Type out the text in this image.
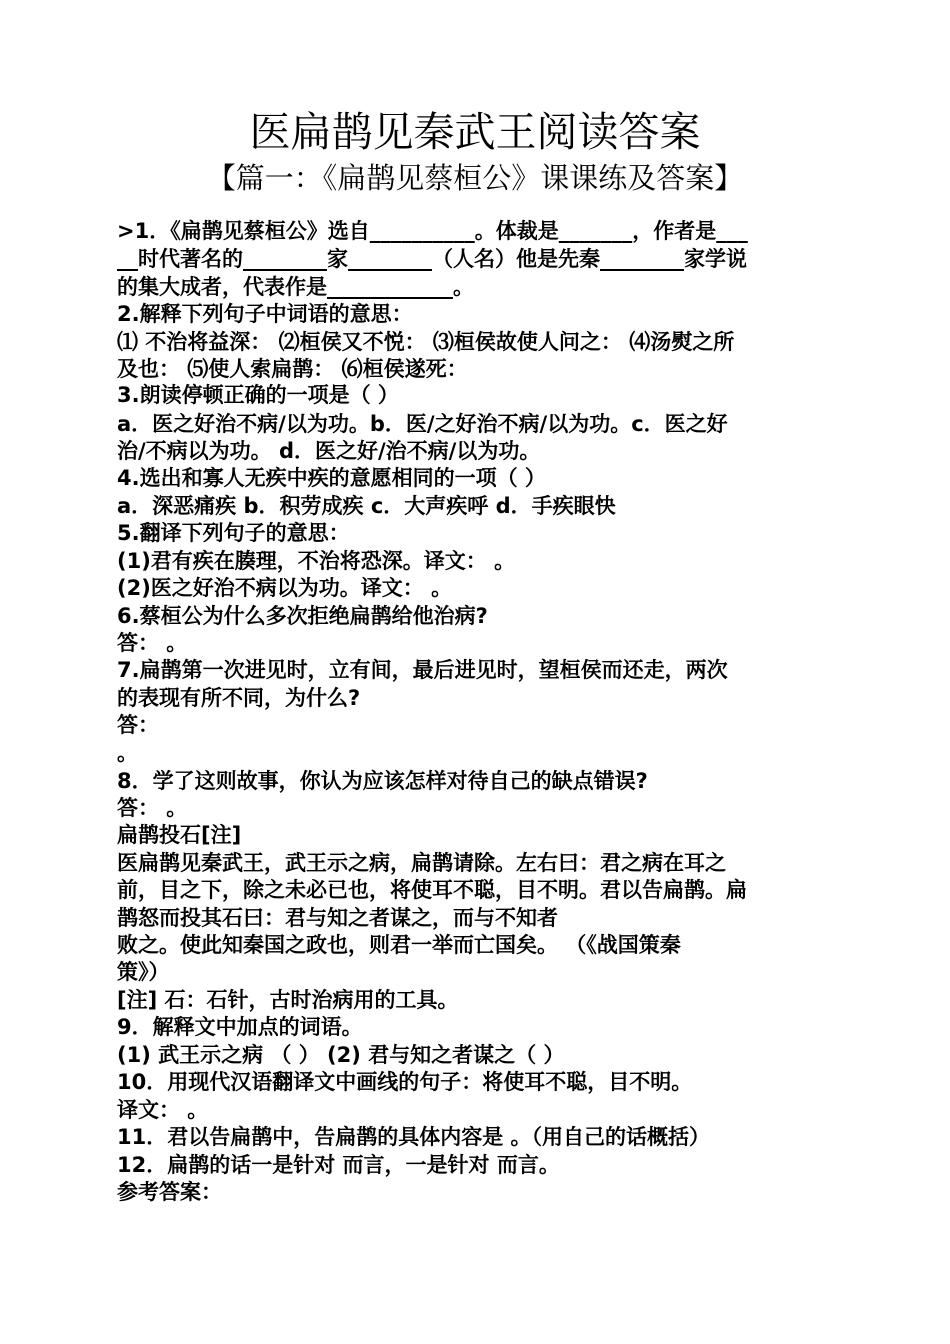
医扁鹊见秦武王阅读答案
【篇一：《扁鹊见蔡桓公》课课练及答案】
>1．《扁鹊见蔡桓公》选自__________。体裁是_______，作者是___
__时代著名的________家________（人名）他是先秦________家学说
的集大成者，代表作是____________。
2.解释下列句子中词语的意思：
⑴ 不治将益深： ⑵桓侯又不悦： ⑶桓侯故使人问之： ⑷汤熨之所
及也： ⑸使人索扁鹊： ⑹桓侯遂死：
3.朗读停顿正确的一项是（ ）
a．医之好治不病/以为功。b．医/之好治不病/以为功。c．医之好
治/不病以为功。 d．医之好/治不病/以为功。
4.选出和寡人无疾中疾的意愿相同的一项（ ）
a．深恶痛疾 b．积劳成疾 c．大声疾呼 d．手疾眼快
5.翻译下列句子的意思：
(1)君有疾在腠理，不治将恐深。译文： 。
(2)医之好治不病以为功。译文： 。
6.蔡桓公为什么多次拒绝扁鹊给他治病?
答： 。
7.扁鹊第一次进见时，立有间，最后进见时，望桓侯而还走，两次
的表现有所不同，为什么?
答：
。
8．学了这则故事，你认为应该怎样对待自己的缺点错误?
答： 。
扁鹊投石[注]
医扁鹊见秦武王，武王示之病，扁鹊请除。左右曰：君之病在耳之
前，目之下，除之未必已也，将使耳不聪，目不明。君以告扁鹊。扁
鹊怒而投其石曰：君与知之者谋之，而与不知者
败之。使此知秦国之政也，则君一举而亡国矣。 （《战国策秦
策》）
[注] 石：石针，古时治病用的工具。
9．解释文中加点的词语。
(1) 武王示之病 （ ） (2) 君与知之者谋之（ ）
10．用现代汉语翻译文中画线的句子：将使耳不聪，目不明。
译文： 。
11．君以告扁鹊中，告扁鹊的具体内容是 。（用自己的话概括）
12．扁鹊的话一是针对 而言，一是针对 而言。
参考答案：
